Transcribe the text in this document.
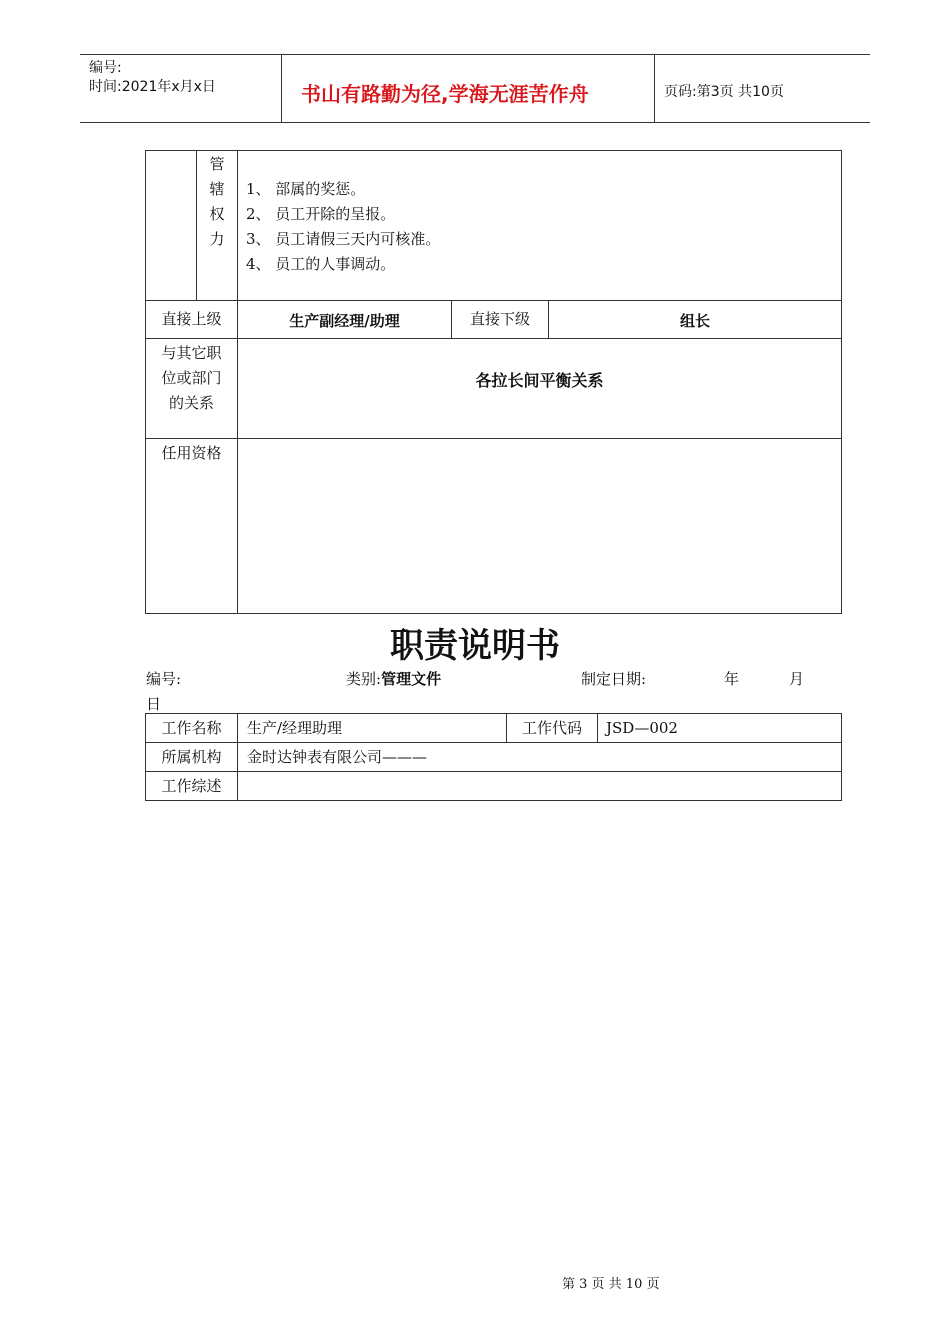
编号:
时间:2021年x月x日	书山有路勤为径,学海无涯苦作舟	页码:第3页 共10页
管
辖
权
力
1、 部属的奖惩。
2、 员工开除的呈报。
3、 员工请假三天内可核准。
4、 员工的人事调动。
直接上级	生产副经理/助理	直接下级	组长
与其它职
位或部门
的关系
各拉长间平衡关系
任用资格
职责说明书
编号:	类别:管理文件	制定日期:	年	月
日
工作名称	生产/经理助理	工作代码	JSD—002
所属机构	金时达钟表有限公司———
工作综述
第 3 页 共 10 页
